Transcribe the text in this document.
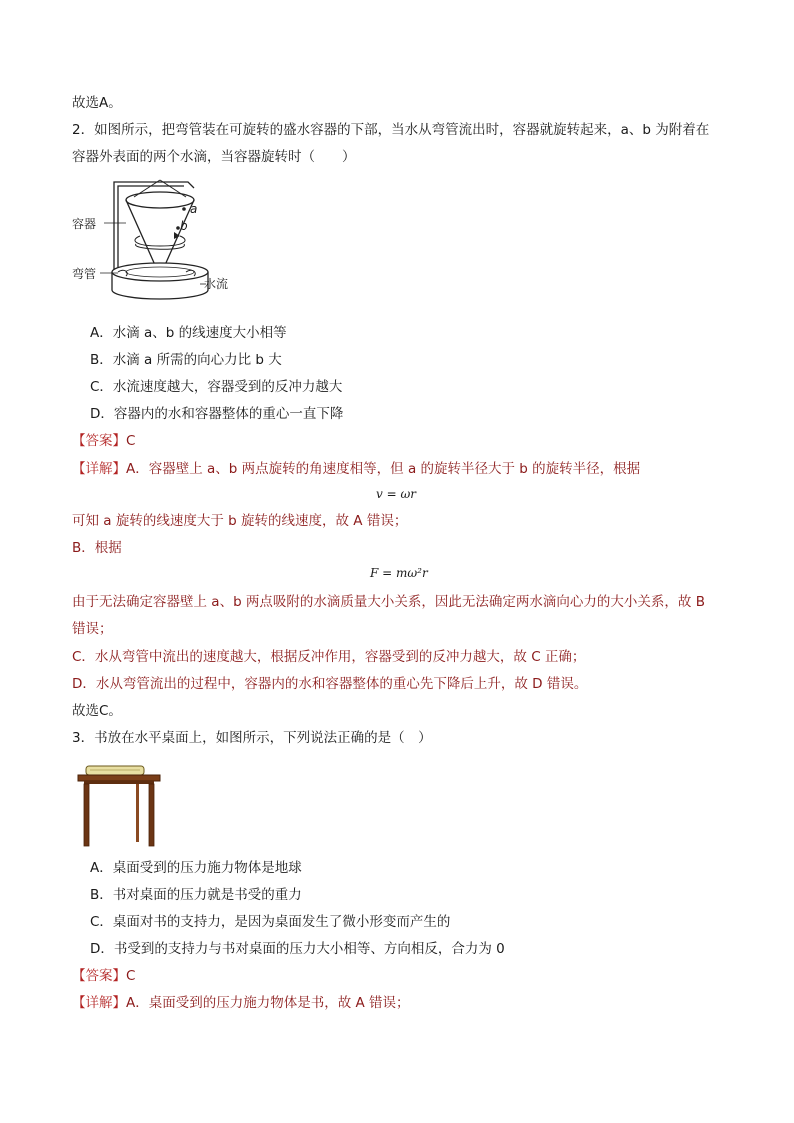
故选A。
2．如图所示，把弯管装在可旋转的盛水容器的下部，当水从弯管流出时，容器就旋转起来，a、b 为附着在
容器外表面的两个水滴，当容器旋转时（　　）
a
b
容器
弯管
水流
A．水滴 a、b 的线速度大小相等
B．水滴 a 所需的向心力比 b 大
C．水流速度越大，容器受到的反冲力越大
D．容器内的水和容器整体的重心一直下降
【答案】C
【详解】A．容器壁上 a、b 两点旋转的角速度相等，但 a 的旋转半径大于 b 的旋转半径，根据
v = ωr
可知 a 旋转的线速度大于 b 旋转的线速度，故 A 错误；
B．根据
F = mω²r
由于无法确定容器壁上 a、b 两点吸附的水滴质量大小关系，因此无法确定两水滴向心力的大小关系，故 B
错误；
C．水从弯管中流出的速度越大，根据反冲作用，容器受到的反冲力越大，故 C 正确；
D．水从弯管流出的过程中，容器内的水和容器整体的重心先下降后上升，故 D 错误。
故选C。
3．书放在水平桌面上，如图所示，下列说法正确的是（　）
A．桌面受到的压力施力物体是地球
B．书对桌面的压力就是书受的重力
C．桌面对书的支持力，是因为桌面发生了微小形变而产生的
D．书受到的支持力与书对桌面的压力大小相等、方向相反，合力为 0
【答案】C
【详解】A．桌面受到的压力施力物体是书，故 A 错误；
